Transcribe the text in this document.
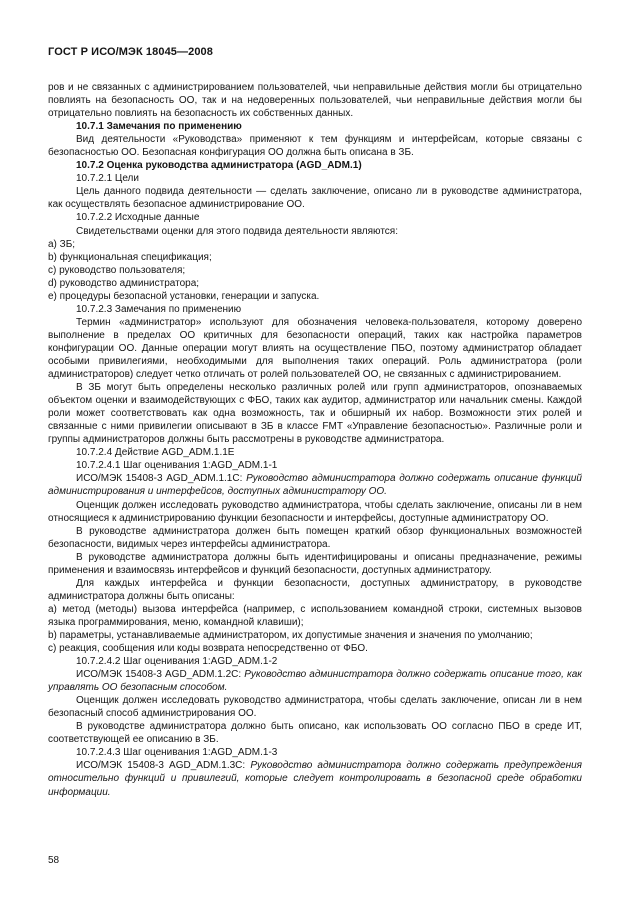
ГОСТ Р ИСО/МЭК 18045—2008

ров и не связанных с администрированием пользователей, чьи неправильные действия могли бы отрицательно повлиять на безопасность ОО, так и на недоверенных пользователей, чьи неправильные действия могли бы отрицательно повлиять на безопасность их собственных данных.

10.7.1 Замечания по применению

Вид деятельности «Руководства» применяют к тем функциям и интерфейсам, которые связаны с безопасностью ОО. Безопасная конфигурация ОО должна быть описана в ЗБ.

10.7.2 Оценка руководства администратора (AGD_ADM.1)

10.7.2.1 Цели

Цель данного подвида деятельности — сделать заключение, описано ли в руководстве администратора, как осуществлять безопасное администрирование ОО.

10.7.2.2 Исходные данные

Свидетельствами оценки для этого подвида деятельности являются:

a) ЗБ;

b) функциональная спецификация;

c) руководство пользователя;

d) руководство администратора;

e) процедуры безопасной установки, генерации и запуска.

10.7.2.3 Замечания по применению

Термин «администратор» используют для обозначения человека-пользователя, которому доверено выполнение в пределах ОО критичных для безопасности операций, таких как настройка параметров конфигурации ОО. Данные операции могут влиять на осуществление ПБО, поэтому администратор обладает особыми привилегиями, необходимыми для выполнения таких операций. Роль администратора (роли администраторов) следует четко отличать от ролей пользователей ОО, не связанных с администрированием.

В ЗБ могут быть определены несколько различных ролей или групп администраторов, опознаваемых объектом оценки и взаимодействующих с ФБО, таких как аудитор, администратор или начальник смены. Каждой роли может соответствовать как одна возможность, так и обширный их набор. Возможности этих ролей и связанные с ними привилегии описывают в ЗБ в классе FMT «Управление безопасностью». Различные роли и группы администраторов должны быть рассмотрены в руководстве администратора.

10.7.2.4 Действие AGD_ADM.1.1E

10.7.2.4.1 Шаг оценивания 1:AGD_ADM.1-1

ИСО/МЭК 15408-3 AGD_ADM.1.1C: Руководство администратора должно содержать описание функций администрирования и интерфейсов, доступных администратору ОО.

Оценщик должен исследовать руководство администратора, чтобы сделать заключение, описаны ли в нем относящиеся к администрированию функции безопасности и интерфейсы, доступные администратору ОО.

В руководстве администратора должен быть помещен краткий обзор функциональных возможностей безопасности, видимых через интерфейсы администратора.

В руководстве администратора должны быть идентифицированы и описаны предназначение, режимы применения и взаимосвязь интерфейсов и функций безопасности, доступных администратору.

Для каждых интерфейса и функции безопасности, доступных администратору, в руководстве администратора должны быть описаны:

a) метод (методы) вызова интерфейса (например, с использованием командной строки, системных вызовов языка программирования, меню, командной клавиши);

b) параметры, устанавливаемые администратором, их допустимые значения и значения по умолчанию;

c) реакция, сообщения или коды возврата непосредственно от ФБО.

10.7.2.4.2 Шаг оценивания 1:AGD_ADM.1-2

ИСО/МЭК 15408-3 AGD_ADM.1.2C: Руководство администратора должно содержать описание того, как управлять ОО безопасным способом.

Оценщик должен исследовать руководство администратора, чтобы сделать заключение, описан ли в нем безопасный способ администрирования ОО.

В руководстве администратора должно быть описано, как использовать ОО согласно ПБО в среде ИТ, соответствующей ее описанию в ЗБ.

10.7.2.4.3 Шаг оценивания 1:AGD_ADM.1-3

ИСО/МЭК 15408-3 AGD_ADM.1.3C: Руководство администратора должно содержать предупреждения относительно функций и привилегий, которые следует контролировать в безопасной среде обработки информации.

58
